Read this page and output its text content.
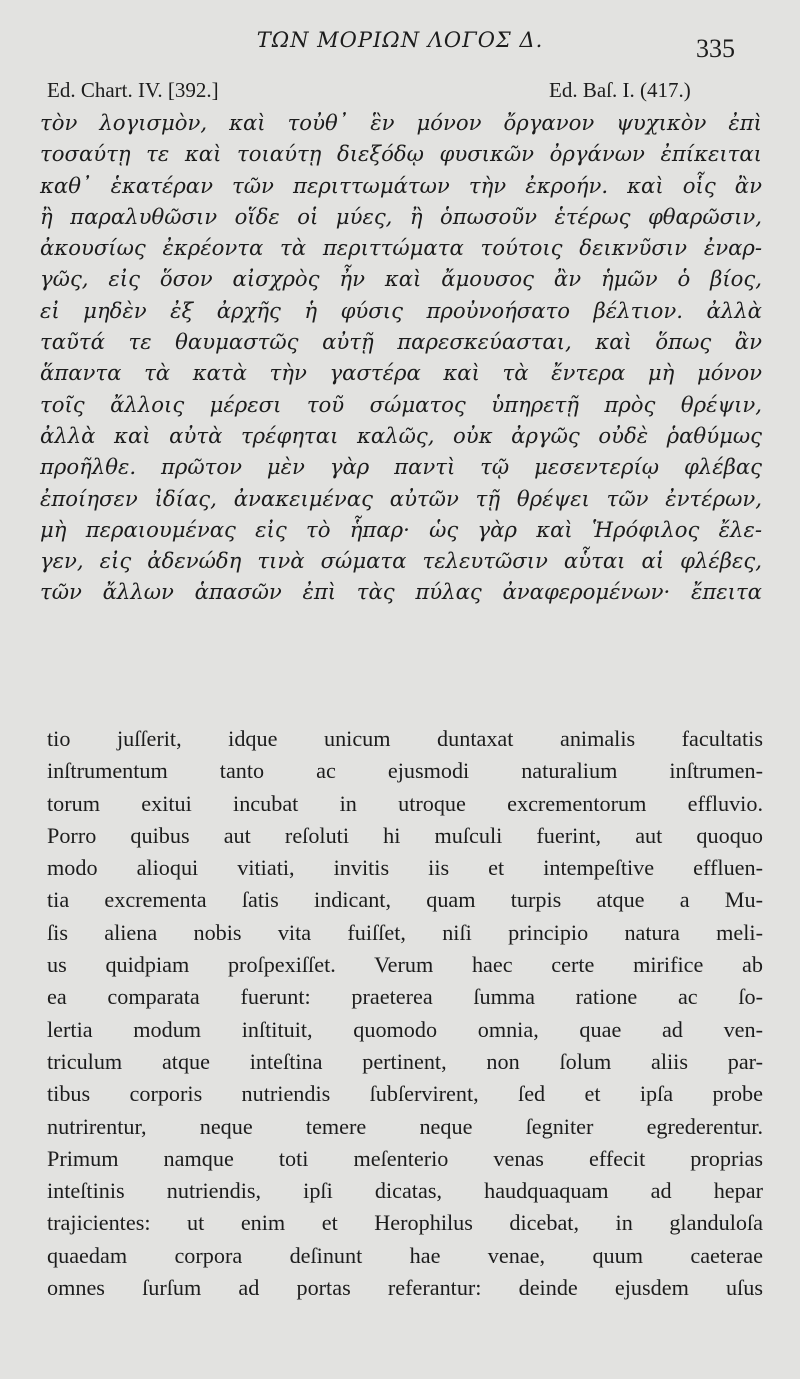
ΤΩΝ ΜΟΡΙΩΝ ΛΟΓΟΣ Δ.	335
Ed. Chart. IV. [392.]	Ed. Baſ. I. (417.)
τὸν λογισμὸν, καὶ τοὐθ᾿ ἓν μόνον ὄργανον ψυχικὸν ἐπὶ
τοσαύτῃ τε καὶ τοιαύτῃ διεξόδῳ φυσικῶν ὀργάνων ἐπίκειται
καθ᾿ ἑκατέραν τῶν περιττωμάτων τὴν ἐκροήν. καὶ οἷς ἂν
ἢ παραλυθῶσιν οἵδε οἱ μύες, ἢ ὁπωσοῦν ἑτέρως φθαρῶσιν,
ἀκουσίως ἐκρέοντα τὰ περιττώματα τούτοις δεικνῦσιν ἐναρ-
γῶς, εἰς ὅσον αἰσχρὸς ἦν καὶ ἄμουσος ἂν ἡμῶν ὁ βίος,
εἰ μηδὲν ἐξ ἀρχῆς ἡ φύσις προὐνοήσατο βέλτιον. ἀλλὰ
ταῦτά τε θαυμαστῶς αὐτῇ παρεσκεύασται, καὶ ὅπως ἂν
ἅπαντα τὰ κατὰ τὴν γαστέρα καὶ τὰ ἔντερα μὴ μόνον
τοῖς ἄλλοις μέρεσι τοῦ σώματος ὑπηρετῇ πρὸς θρέψιν,
ἀλλὰ καὶ αὐτὰ τρέφηται καλῶς, οὐκ ἀργῶς οὐδὲ ῥαθύμως
προῆλθε. πρῶτον μὲν γὰρ παντὶ τῷ μεσεντερίῳ φλέβας
ἐποίησεν ἰδίας, ἀνακειμένας αὐτῶν τῇ θρέψει τῶν ἐντέρων,
μὴ περαιουμένας εἰς τὸ ἧπαρ· ὡς γὰρ καὶ Ἡρόφιλος ἔλε-
γεν, εἰς ἀδενώδη τινὰ σώματα τελευτῶσιν αὗται αἱ φλέβες,
τῶν ἄλλων ἁπασῶν ἐπὶ τὰς πύλας ἀναφερομένων· ἔπειτα
tio juſſerit, idque unicum duntaxat animalis facultatis
inſtrumentum tanto ac ejusmodi naturalium inſtrumen-
torum exitui incubat in utroque excrementorum effluvio.
Porro quibus aut reſoluti hi muſculi fuerint, aut quoquo
modo alioqui vitiati, invitis iis et intempeſtive effluen-
tia excrementa ſatis indicant, quam turpis atque a Mu-
ſis aliena nobis vita fuiſſet, niſi principio natura meli-
us quidpiam proſpexiſſet. Verum haec certe mirifice ab
ea comparata fuerunt: praeterea ſumma ratione ac ſo-
lertia modum inſtituit, quomodo omnia, quae ad ven-
triculum atque inteſtina pertinent, non ſolum aliis par-
tibus corporis nutriendis ſubſervirent, ſed et ipſa probe
nutrirentur, neque temere neque ſegniter egrederentur.
Primum namque toti meſenterio venas effecit proprias
inteſtinis nutriendis, ipſi dicatas, haudquaquam ad hepar
trajicientes: ut enim et Herophilus dicebat, in glanduloſa
quaedam corpora deſinunt hae venae, quum caeterae
omnes ſurſum ad portas referantur: deinde ejusdem uſus
